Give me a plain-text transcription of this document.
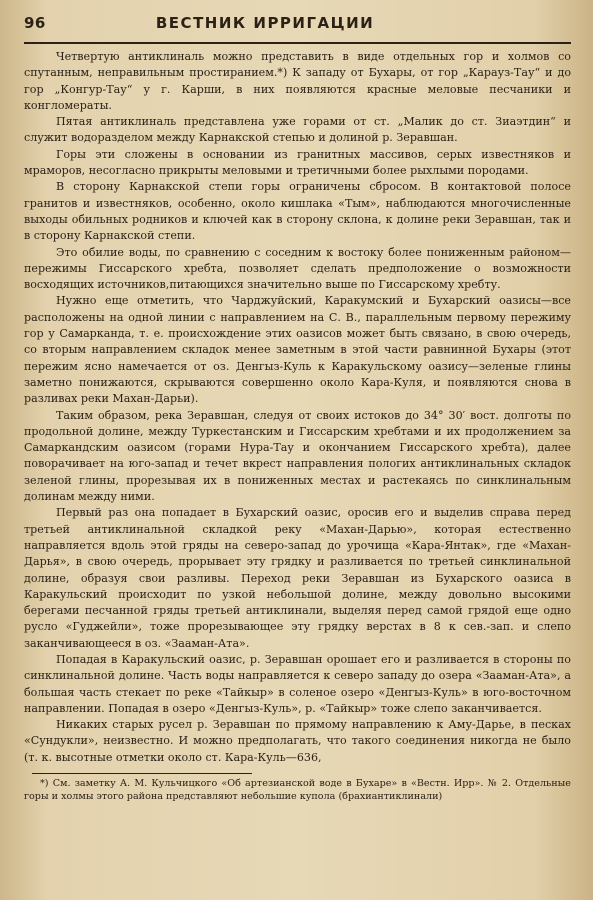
96	ВЕСТНИК ИРРИГАЦИИ

Четвертую антиклиналь можно представить в виде отдельных гор и холмов со спутанным, неправильным простиранием.*) К западу от Бухары, от гор „Карауз-Тау“ и до гор „Конгур-Тау“ у г. Карши, в них появляются красные меловые песчаники и конгломераты.

Пятая антиклиналь представлена уже горами от ст. „Малик до ст. Зиаэтдин“ и служит водоразделом между Карнакской степью и долиной р. Зеравшан.

Горы эти сложены в основании из гранитных массивов, серых известняков и мраморов, несогласно прикрыты меловыми и третичными более рыхлыми породами.

В сторону Карнакской степи горы ограничены сбросом. В контактовой полосе гранитов и известняков, особенно, около кишлака «Тым», наблюдаются многочисленные выходы обильных родников и ключей как в сторону склона, к долине реки Зеравшан, так и в сторону Карнакской степи.

Это обилие воды, по сравнению с соседним к востоку более пониженным районом—пережимы Гиссарского хребта, позволяет сделать предположение о возможности восходящих источников,питающихся значительно выше по Гиссарскому хребту.

Нужно еще отметить, что Чарджуйский, Каракумский и Бухарский оазисы—все расположены на одной линии с направлением на С. В., параллельным первому пережиму гор у Самарканда, т. е. происхождение этих оазисов может быть связано, в свою очередь, со вторым направлением складок менее заметным в этой части равнинной Бухары (этот пережим ясно намечается от оз. Денгыз-Куль к Каракульскому оазису—зеленые глины заметно понижаются, скрываются совершенно около Кара-Куля, и появляются снова в разливах реки Махан-Дарьи).

Таким образом, река Зеравшан, следуя от своих истоков до 34° 30′ вост. долготы по продольной долине, между Туркестанским и Гиссарским хребтами и их продолжением за Самаркандским оазисом (горами Нура-Тау и окончанием Гиссарского хребта), далее поворачивает на юго-запад и течет вкрест направления пологих антиклинальных складок зеленой глины, прорезывая их в пониженных местах и растекаясь по синклинальным долинам между ними.

Первый раз она попадает в Бухарский оазис, оросив его и выделив справа перед третьей антиклинальной складкой реку «Махан-Дарью», которая естественно направляется вдоль этой гряды на северо-запад до урочища «Кара-Янтак», где «Махан-Дарья», в свою очередь, прорывает эту грядку и разливается по третьей синклинальной долине, образуя свои разливы. Переход реки Зеравшан из Бухарского оазиса в Каракульский происходит по узкой небольшой долине, между довольно высокими берегами песчанной гряды третьей антиклинали, выделяя перед самой грядой еще одно русло «Гуджейли», тоже прорезывающее эту грядку верстах в 8 к сев.-зап. и слепо заканчивающееся в оз. «Зааман-Ата».

Попадая в Каракульский оазис, р. Зеравшан орошает его и разливается в стороны по синклинальной долине. Часть воды направляется к северо западу до озера «Зааман-Ата», а большая часть стекает по реке «Тайкыр» в соленое озеро «Денгыз-Куль» в юго-восточном направлении. Попадая в озеро «Денгыз-Куль», р. «Тайкыр» тоже слепо заканчивается.

Никаких старых русел р. Зеравшан по прямому направлению к Аму-Дарье, в песках «Сундукли», неизвестно. И можно предполагать, что такого соединения никогда не было (т. к. высотные отметки около ст. Кара-Куль—636,

*) См. заметку А. М. Кульчицкого «Об артезианской воде в Бухаре» в «Вестн. Ирр». № 2. Отдельные горы и холмы этого района представляют небольшие купола (брахиантиклинали)
